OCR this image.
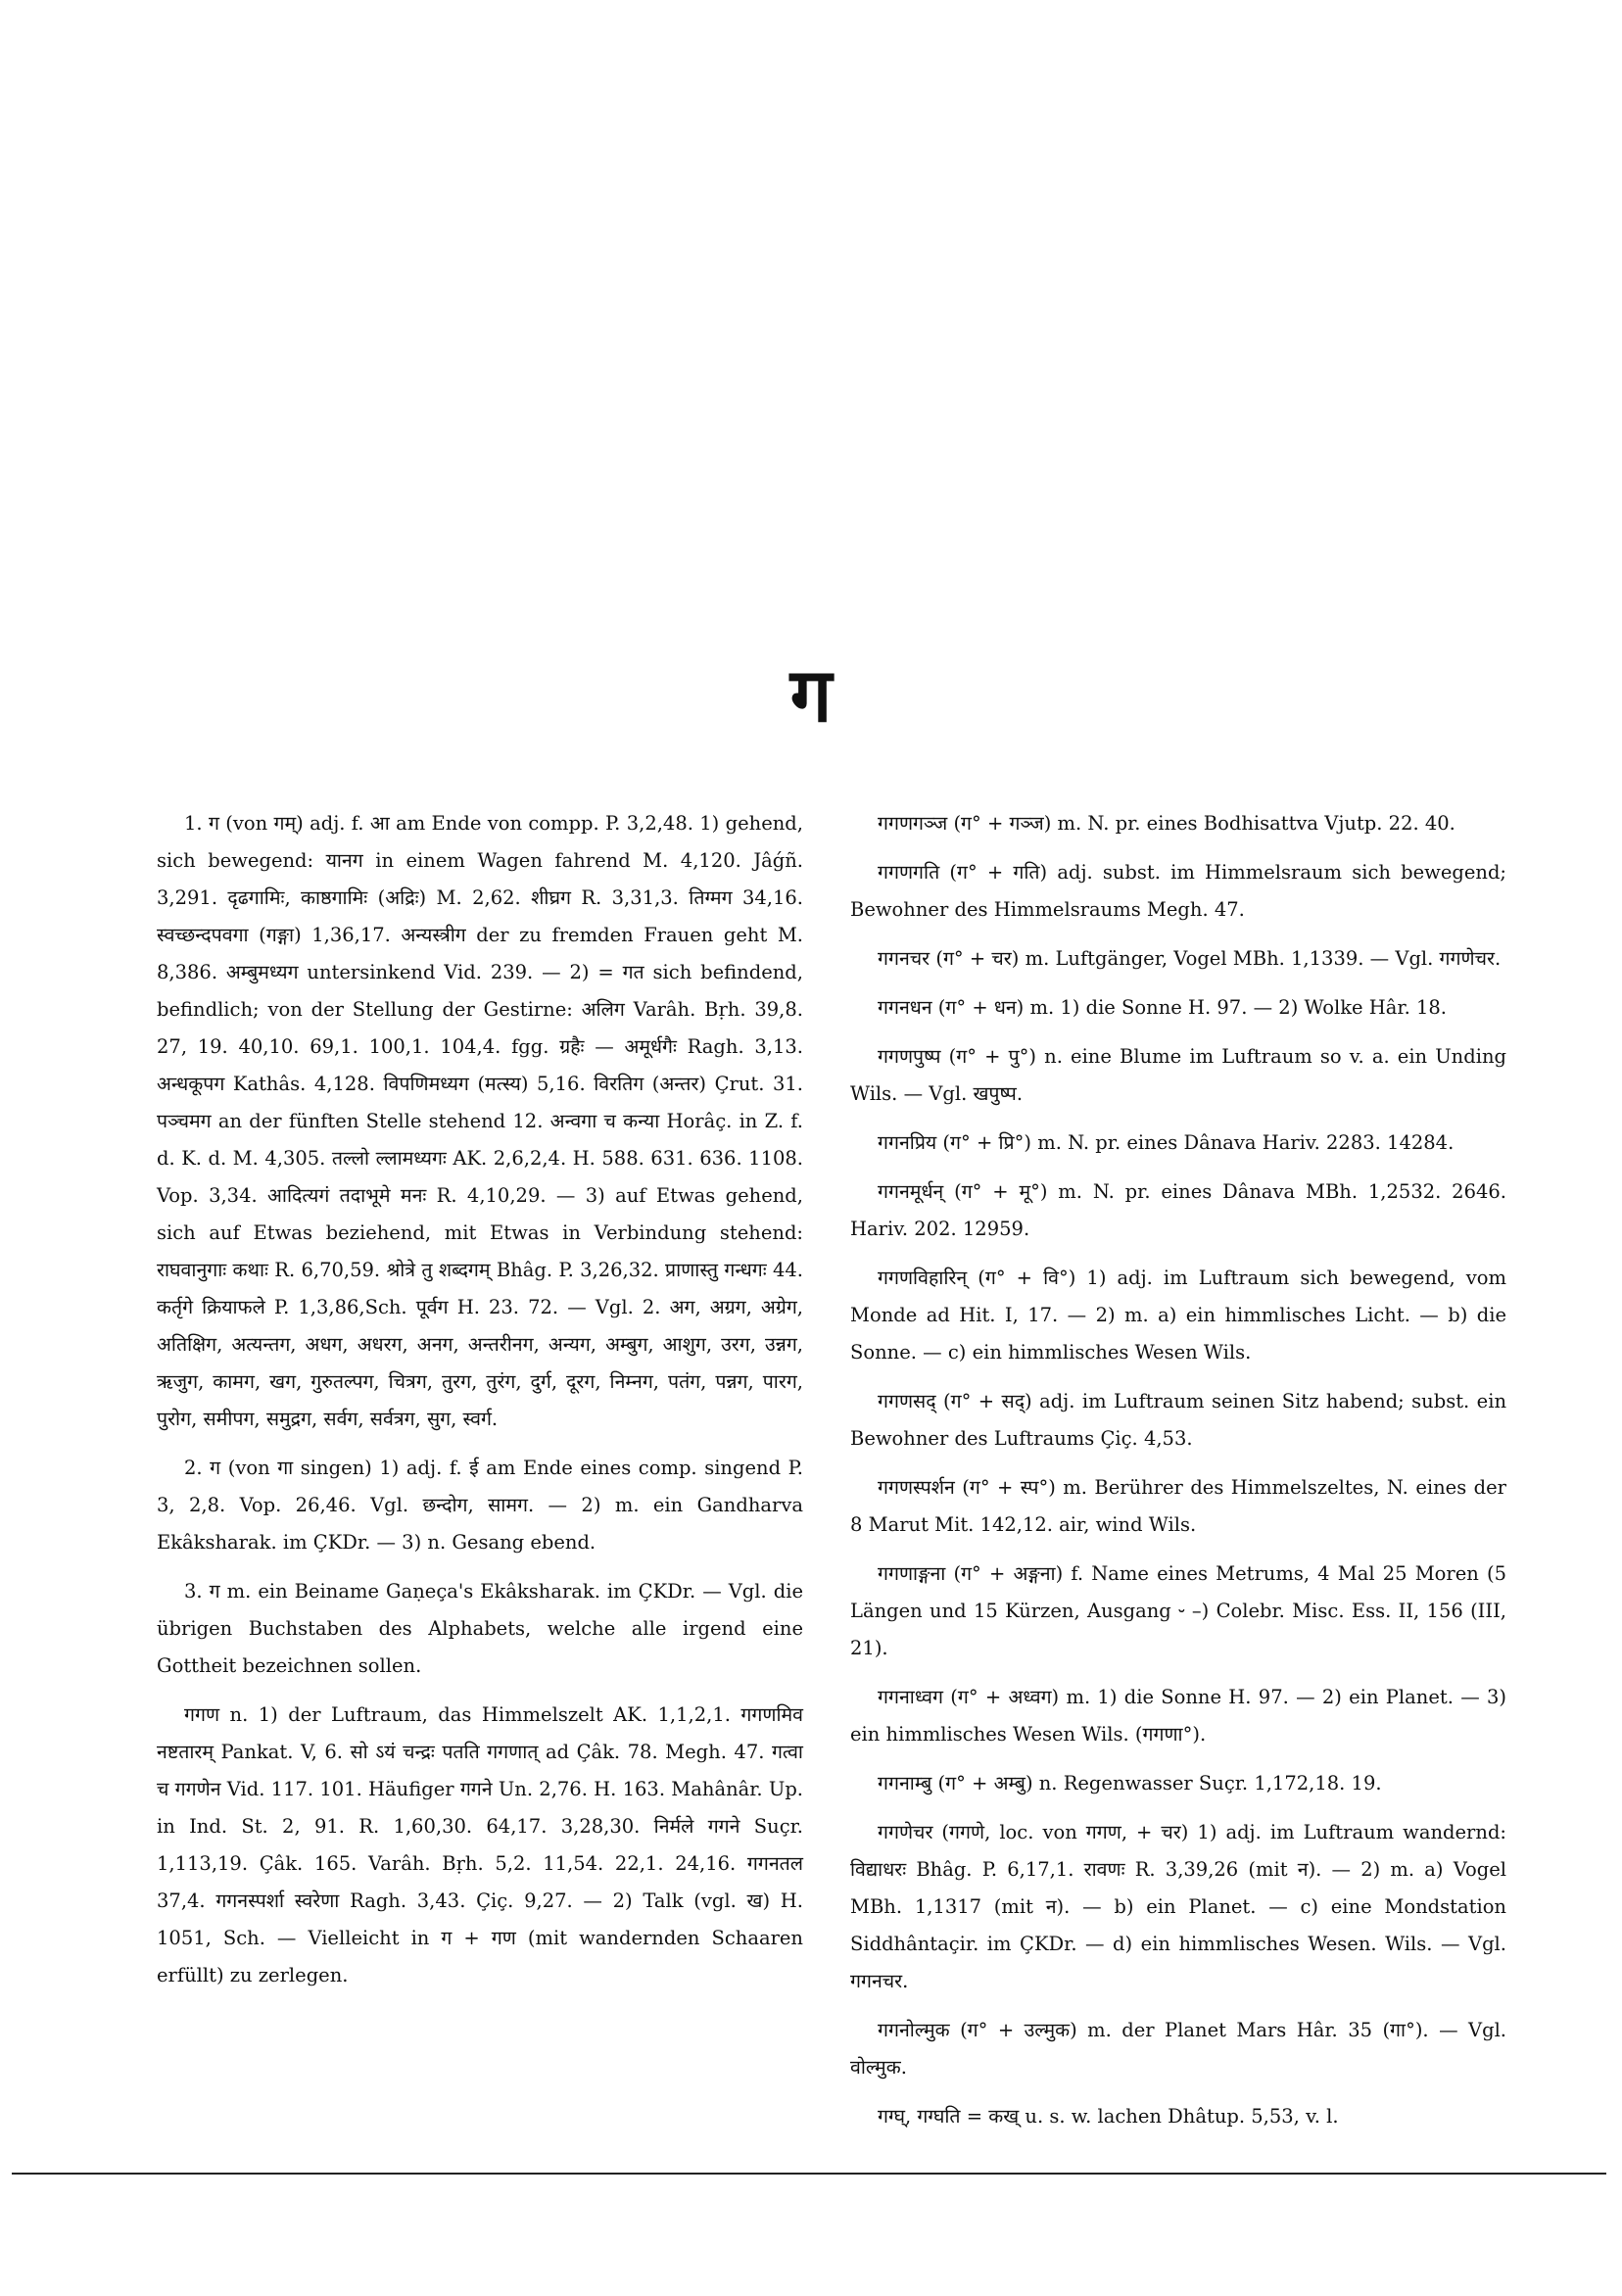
ग

1. ग (von गम्) adj. f. आ am Ende von compp. P. 3,2,48. 1) gehend, sich bewegend: यानग in einem Wagen fahrend M. 4,120. Jâǵñ. 3,291. दृढगामिः, काष्ठगामिः (अद्रिः) M. 2,62. शीघ्रग R. 3,31,3. तिग्मग 34,16. स्वच्छन्दपवगा (गङ्गा) 1,36,17. अन्यस्त्रीग der zu fremden Frauen geht M. 8,386. अम्बुमध्यग untersinkend Vid. 239. — 2) = गत sich befindend, befindlich; von der Stellung der Gestirne: अलिग Varâh. Bṛh. 39,8. 27, 19. 40,10. 69,1. 100,1. 104,4. fgg. ग्रहैः — अमूर्धगैः Ragh. 3,13. अन्धकूपग Kathâs. 4,128. विपणिमध्यग (मत्स्य) 5,16. विरतिग (अन्तर) Çrut. 31. पञ्चमग an der fünften Stelle stehend 12. अन्वगा च कन्या Horâç. in Z. f. d. K. d. M. 4,305. तल्लो ल्लामध्यगः AK. 2,6,2,4. H. 588. 631. 636. 1108. Vop. 3,34. आदित्यगं तदाभूमे मनः R. 4,10,29. — 3) auf Etwas gehend, sich auf Etwas beziehend, mit Etwas in Verbindung stehend: राघवानुगाः कथाः R. 6,70,59. श्रोत्रे तु शब्दगम् Bhâg. P. 3,26,32. प्राणास्तु गन्धगः 44. कर्तृगे क्रियाफले P. 1,3,86,Sch. पूर्वग H. 23. 72. — Vgl. 2. अग, अग्रग, अग्रेग, अतिक्षिग, अत्यन्तग, अधग, अधरग, अनग, अन्तरीनग, अन्यग, अम्बुग, आशुग, उरग, उन्नग, ऋजुग, कामग, खग, गुरुतल्पग, चित्रग, तुरग, तुरंग, दुर्ग, दूरग, निम्नग, पतंग, पन्नग, पारग, पुरोग, समीपग, समुद्रग, सर्वग, सर्वत्रग, सुग, स्वर्ग.

2. ग (von गा singen) 1) adj. f. ई am Ende eines comp. singend P. 3, 2,8. Vop. 26,46. Vgl. छन्दोग, सामग. — 2) m. ein Gandharva Ekâksharak. im ÇKDr. — 3) n. Gesang ebend.

3. ग m. ein Beiname Gaṇeça's Ekâksharak. im ÇKDr. — Vgl. die übrigen Buchstaben des Alphabets, welche alle irgend eine Gottheit bezeichnen sollen.

गगण n. 1) der Luftraum, das Himmelszelt AK. 1,1,2,1. गगणमिव नष्टतारम् Pankat. V, 6. सो ऽयं चन्द्रः पतति गगणात् ad Çâk. 78. Megh. 47. गत्वा च गगणेन Vid. 117. 101. Häufiger गगने Un. 2,76. H. 163. Mahânâr. Up. in Ind. St. 2, 91. R. 1,60,30. 64,17. 3,28,30. निर्मले गगने Suçr. 1,113,19. Çâk. 165. Varâh. Bṛh. 5,2. 11,54. 22,1. 24,16. गगनतल 37,4. गगनस्पर्शा स्वरेणा Ragh. 3,43. Çiç. 9,27. — 2) Talk (vgl. ख) H. 1051, Sch. — Vielleicht in ग + गण (mit wandernden Schaaren erfüllt) zu zerlegen.

गगणगञ्ज (ग° + गञ्ज) m. N. pr. eines Bodhisattva Vjutp. 22. 40.

गगणगति (ग° + गति) adj. subst. im Himmelsraum sich bewegend; Bewohner des Himmelsraums Megh. 47.

गगनचर (ग° + चर) m. Luftgänger, Vogel MBh. 1,1339. — Vgl. गगणेचर.

गगनधन (ग° + धन) m. 1) die Sonne H. 97. — 2) Wolke Hâr. 18.

गगणपुष्प (ग° + पु°) n. eine Blume im Luftraum so v. a. ein Unding Wils. — Vgl. खपुष्प.

गगनप्रिय (ग° + प्रि°) m. N. pr. eines Dânava Hariv. 2283. 14284.

गगनमूर्धन् (ग° + मू°) m. N. pr. eines Dânava MBh. 1,2532. 2646. Hariv. 202. 12959.

गगणविहारिन् (ग° + वि°) 1) adj. im Luftraum sich bewegend, vom Monde ad Hit. I, 17. — 2) m. a) ein himmlisches Licht. — b) die Sonne. — c) ein himmlisches Wesen Wils.

गगणसद् (ग° + सद्) adj. im Luftraum seinen Sitz habend; subst. ein Bewohner des Luftraums Çiç. 4,53.

गगणस्पर्शन (ग° + स्प°) m. Berührer des Himmelszeltes, N. eines der 8 Marut Mit. 142,12. air, wind Wils.

गगणाङ्गना (ग° + अङ्गना) f. Name eines Metrums, 4 Mal 25 Moren (5 Längen und 15 Kürzen, Ausgang ⏑ –) Colebr. Misc. Ess. II, 156 (III, 21).

गगनाध्वग (ग° + अध्वग) m. 1) die Sonne H. 97. — 2) ein Planet. — 3) ein himmlisches Wesen Wils. (गगणा°).

गगनाम्बु (ग° + अम्बु) n. Regenwasser Suçr. 1,172,18. 19.

गगणेचर (गगणे, loc. von गगण, + चर) 1) adj. im Luftraum wandernd: विद्याधरः Bhâg. P. 6,17,1. रावणः R. 3,39,26 (mit न). — 2) m. a) Vogel MBh. 1,1317 (mit न). — b) ein Planet. — c) eine Mondstation Siddhântaçir. im ÇKDr. — d) ein himmlisches Wesen. Wils. — Vgl. गगनचर.

गगनोल्मुक (ग° + उल्मुक) m. der Planet Mars Hâr. 35 (गा°). — Vgl. वोल्मुक.

गग्घ्, गग्घति = कख् u. s. w. lachen Dhâtup. 5,53, v. l.
